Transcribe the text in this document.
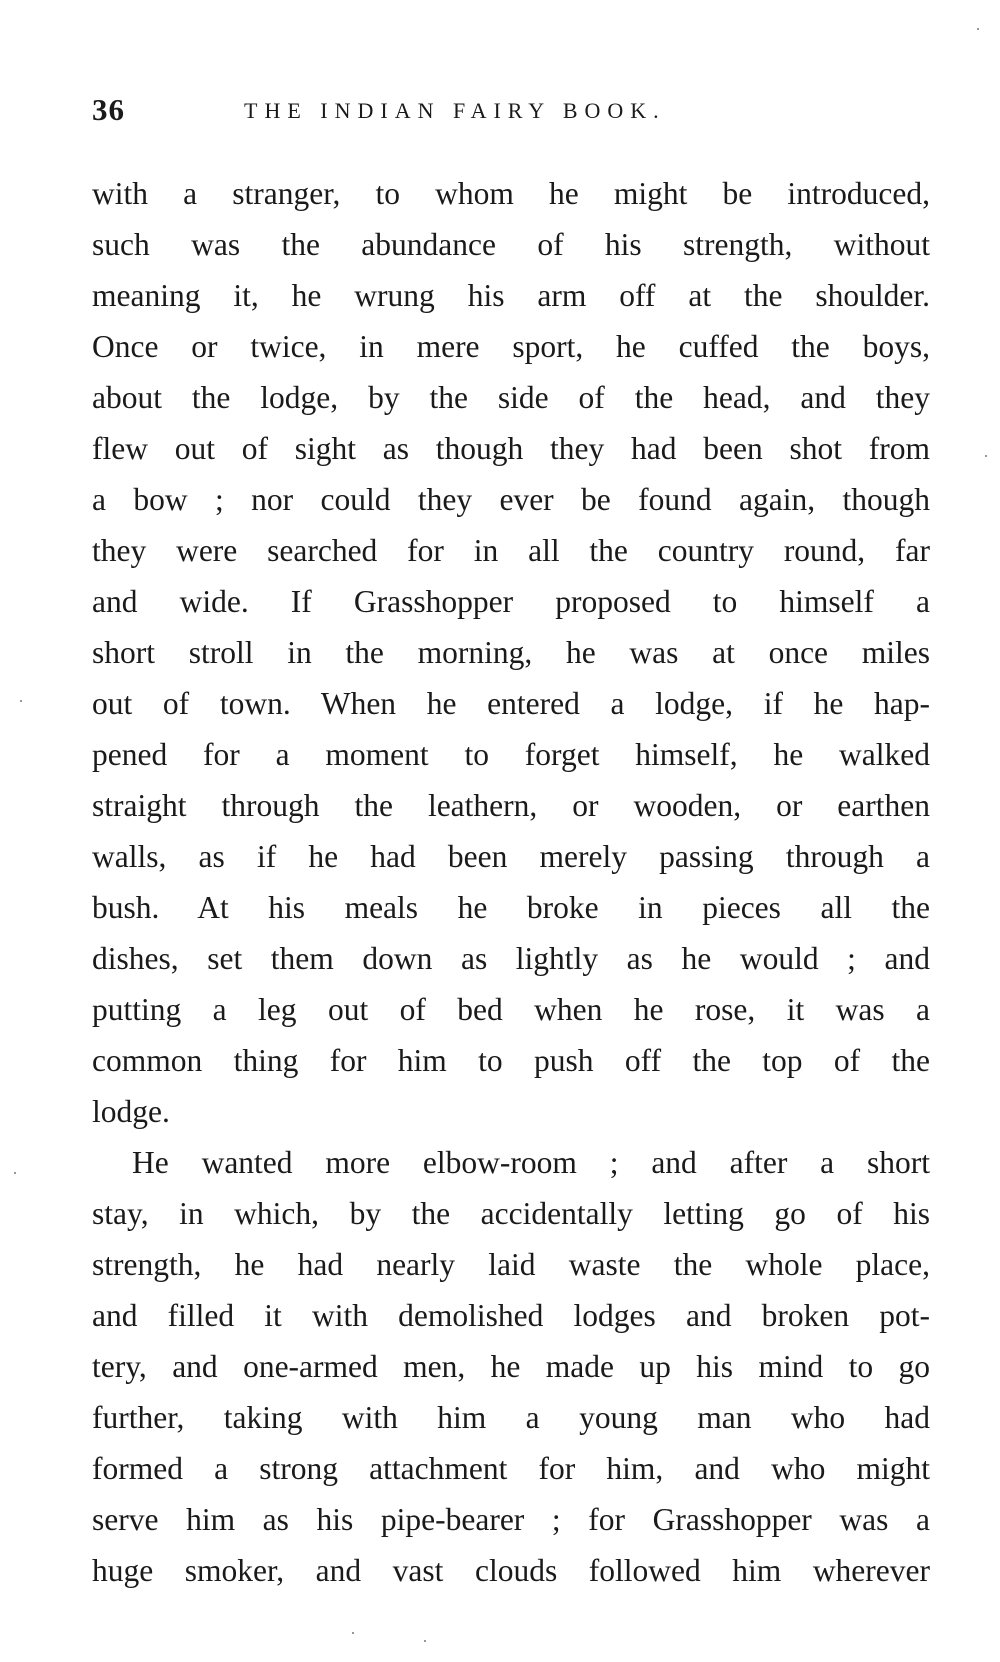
36	THE INDIAN FAIRY BOOK.
with a stranger, to whom he might be introduced,
such was the abundance of his strength, without
meaning it, he wrung his arm off at the shoulder.
Once or twice, in mere sport, he cuffed the boys,
about the lodge, by the side of the head, and they
flew out of sight as though they had been shot from
a bow ; nor could they ever be found again, though
they were searched for in all the country round, far
and wide. If Grasshopper proposed to himself a
short stroll in the morning, he was at once miles
out of town. When he entered a lodge, if he hap-
pened for a moment to forget himself, he walked
straight through the leathern, or wooden, or earthen
walls, as if he had been merely passing through a
bush. At his meals he broke in pieces all the
dishes, set them down as lightly as he would ; and
putting a leg out of bed when he rose, it was a
common thing for him to push off the top of the
lodge.
He wanted more elbow-room ; and after a short
stay, in which, by the accidentally letting go of his
strength, he had nearly laid waste the whole place,
and filled it with demolished lodges and broken pot-
tery, and one-armed men, he made up his mind to go
further, taking with him a young man who had
formed a strong attachment for him, and who might
serve him as his pipe-bearer ; for Grasshopper was a
huge smoker, and vast clouds followed him wherever
